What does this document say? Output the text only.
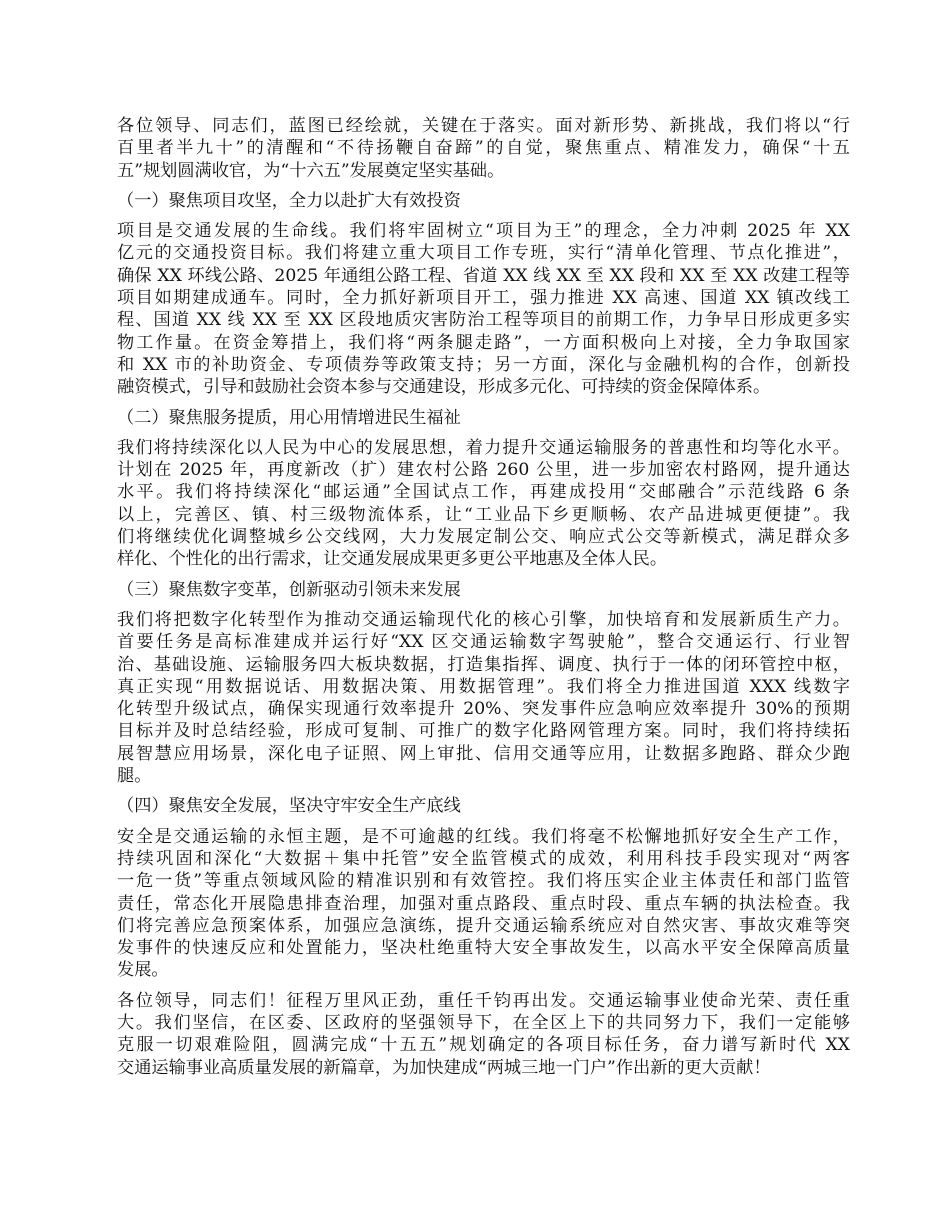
各位领导、同志们，蓝图已经绘就，关键在于落实。面对新形势、新挑战，我们将以“行
百里者半九十”的清醒和“不待扬鞭自奋蹄”的自觉，聚焦重点、精准发力，确保“十五
五”规划圆满收官，为“十六五”发展奠定坚实基础。
（一）聚焦项目攻坚，全力以赴扩大有效投资
项目是交通发展的生命线。我们将牢固树立“项目为王”的理念，全力冲刺 2025 年 XX
亿元的交通投资目标。我们将建立重大项目工作专班，实行“清单化管理、节点化推进”，
确保 XX 环线公路、2025 年通组公路工程、省道 XX 线 XX 至 XX 段和 XX 至 XX 改建工程等
项目如期建成通车。同时，全力抓好新项目开工，强力推进 XX 高速、国道 XX 镇改线工
程、国道 XX 线 XX 至 XX 区段地质灾害防治工程等项目的前期工作，力争早日形成更多实
物工作量。在资金筹措上，我们将“两条腿走路”，一方面积极向上对接，全力争取国家
和 XX 市的补助资金、专项债券等政策支持；另一方面，深化与金融机构的合作，创新投
融资模式，引导和鼓励社会资本参与交通建设，形成多元化、可持续的资金保障体系。
（二）聚焦服务提质，用心用情增进民生福祉
我们将持续深化以人民为中心的发展思想，着力提升交通运输服务的普惠性和均等化水平。
计划在 2025 年，再度新改（扩）建农村公路 260 公里，进一步加密农村路网，提升通达
水平。我们将持续深化“邮运通”全国试点工作，再建成投用“交邮融合”示范线路 6 条
以上，完善区、镇、村三级物流体系，让“工业品下乡更顺畅、农产品进城更便捷”。我
们将继续优化调整城乡公交线网，大力发展定制公交、响应式公交等新模式，满足群众多
样化、个性化的出行需求，让交通发展成果更多更公平地惠及全体人民。
（三）聚焦数字变革，创新驱动引领未来发展
我们将把数字化转型作为推动交通运输现代化的核心引擎，加快培育和发展新质生产力。
首要任务是高标准建成并运行好“XX 区交通运输数字驾驶舱”，整合交通运行、行业智
治、基础设施、运输服务四大板块数据，打造集指挥、调度、执行于一体的闭环管控中枢，
真正实现“用数据说话、用数据决策、用数据管理”。我们将全力推进国道 XXX 线数字
化转型升级试点，确保实现通行效率提升 20%、突发事件应急响应效率提升 30%的预期
目标并及时总结经验，形成可复制、可推广的数字化路网管理方案。同时，我们将持续拓
展智慧应用场景，深化电子证照、网上审批、信用交通等应用，让数据多跑路、群众少跑
腿。
（四）聚焦安全发展，坚决守牢安全生产底线
安全是交通运输的永恒主题，是不可逾越的红线。我们将毫不松懈地抓好安全生产工作，
持续巩固和深化“大数据＋集中托管”安全监管模式的成效，利用科技手段实现对“两客
一危一货”等重点领域风险的精准识别和有效管控。我们将压实企业主体责任和部门监管
责任，常态化开展隐患排查治理，加强对重点路段、重点时段、重点车辆的执法检查。我
们将完善应急预案体系，加强应急演练，提升交通运输系统应对自然灾害、事故灾难等突
发事件的快速反应和处置能力，坚决杜绝重特大安全事故发生，以高水平安全保障高质量
发展。
各位领导，同志们！征程万里风正劲，重任千钧再出发。交通运输事业使命光荣、责任重
大。我们坚信，在区委、区政府的坚强领导下，在全区上下的共同努力下，我们一定能够
克服一切艰难险阻，圆满完成“十五五”规划确定的各项目标任务，奋力谱写新时代 XX
交通运输事业高质量发展的新篇章，为加快建成“两城三地一门户”作出新的更大贡献！
